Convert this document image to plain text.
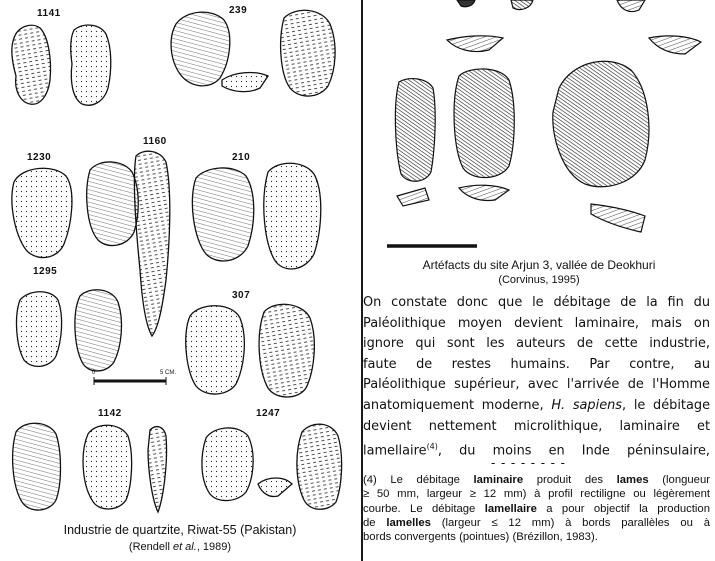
1141	239
1160
1230	210
1295
307
1142	1247
0	5 CM.
Industrie de quartzite, Riwat-55 (Pakistan)
(Rendell et al., 1989)
Artéfacts du site Arjun 3, vallée de Deokhuri
(Corvinus, 1995)
On constate donc que le débitage de la fin du
Paléolithique moyen devient laminaire, mais on
ignore qui sont les auteurs de cette industrie,
faute de restes humains. Par contre, au
Paléolithique supérieur, avec l'arrivée de l'Homme
anatomiquement moderne, H. sapiens, le débitage
devient nettement microlithique, laminaire et
lamellaire$^{(4)}$, du moins en Inde péninsulaire,
- - - - - - - -
(4) Le débitage laminaire produit des lames (longueur
≥ 50 mm, largeur ≥ 12 mm) à profil rectiligne ou légèrement
courbe. Le débitage lamellaire a pour objectif la production
de lamelles (largeur ≤ 12 mm) à bords parallèles ou à
bords convergents (pointues) (Brézillon, 1983).
